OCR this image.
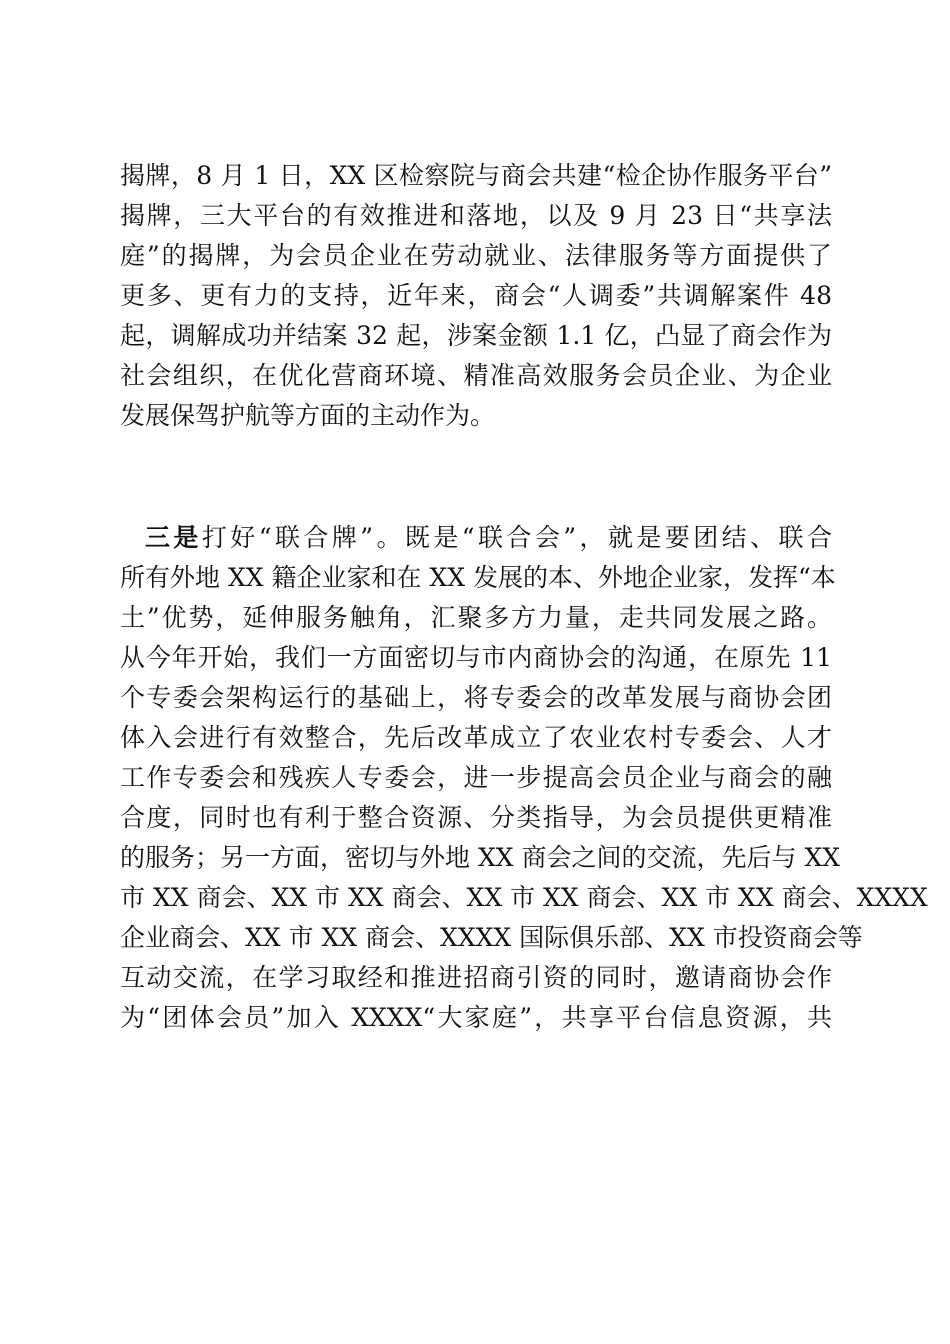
揭牌，8 月 1 日，XX 区检察院与商会共建“检企协作服务平台”
揭牌，三大平台的有效推进和落地，以及 9 月 23 日“共享法
庭”的揭牌，为会员企业在劳动就业、法律服务等方面提供了
更多、更有力的支持，近年来，商会“人调委”共调解案件 48
起，调解成功并结案 32 起，涉案金额 1.1 亿，凸显了商会作为
社会组织，在优化营商环境、精准高效服务会员企业、为企业
发展保驾护航等方面的主动作为。
三是打好“联合牌”。既是“联合会”，就是要团结、联合
所有外地 XX 籍企业家和在 XX 发展的本、外地企业家，发挥“本
土”优势，延伸服务触角，汇聚多方力量，走共同发展之路。
从今年开始，我们一方面密切与市内商协会的沟通，在原先 11
个专委会架构运行的基础上，将专委会的改革发展与商协会团
体入会进行有效整合，先后改革成立了农业农村专委会、人才
工作专委会和残疾人专委会，进一步提高会员企业与商会的融
合度，同时也有利于整合资源、分类指导，为会员提供更精准
的服务；另一方面，密切与外地 XX 商会之间的交流，先后与 XX
市 XX 商会、XX 市 XX 商会、XX 市 XX 商会、XX 市 XX 商会、XXXX
企业商会、XX 市 XX 商会、XXXX 国际俱乐部、XX 市投资商会等
互动交流，在学习取经和推进招商引资的同时，邀请商协会作
为“团体会员”加入 XXXX“大家庭”，共享平台信息资源，共
